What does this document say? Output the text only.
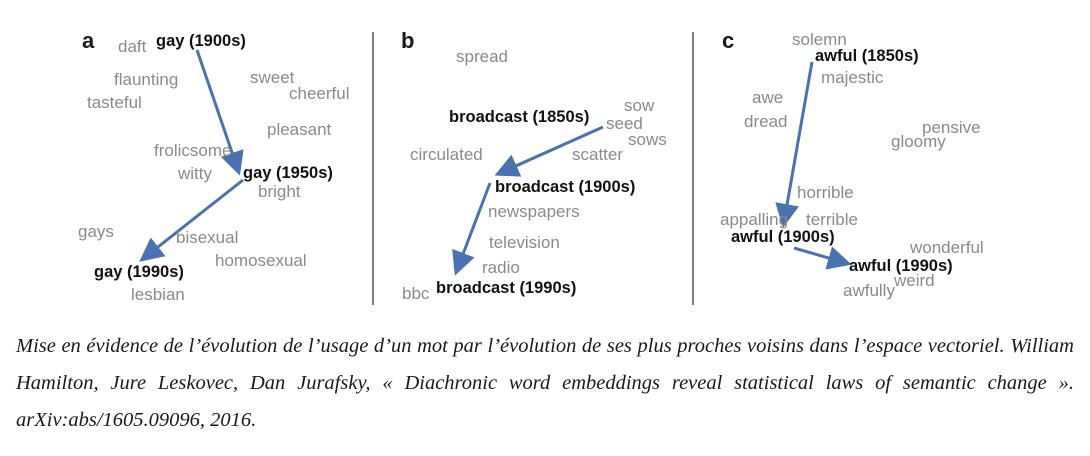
a daft gay (1900s)
flaunting
tasteful
sweet
cheerful
pleasant
frolicsome
witty gay (1950s)
bright
gays	bisexual
homosexual
gay (1990s)
lesbian
b
spread
broadcast (1850s)
sow
seed
sows
circulated	scatter
broadcast (1900s)
newspapers
television
radio
bbc broadcast (1990s)
c	solemn
awful (1850s)
majestic
awe
dread	pensive
gloomy
horrible
appalling terrible
awful (1900s)
wonderful
awful (1990s)
weird
awfully

Mise en évidence de l’évolution de l’usage d’un mot par l’évolution de ses plus proches voisins dans l’espace vectoriel. William Hamilton, Jure Leskovec, Dan Jurafsky, « Diachronic word embeddings reveal statistical laws of semantic change ». arXiv:abs/1605.09096, 2016.
